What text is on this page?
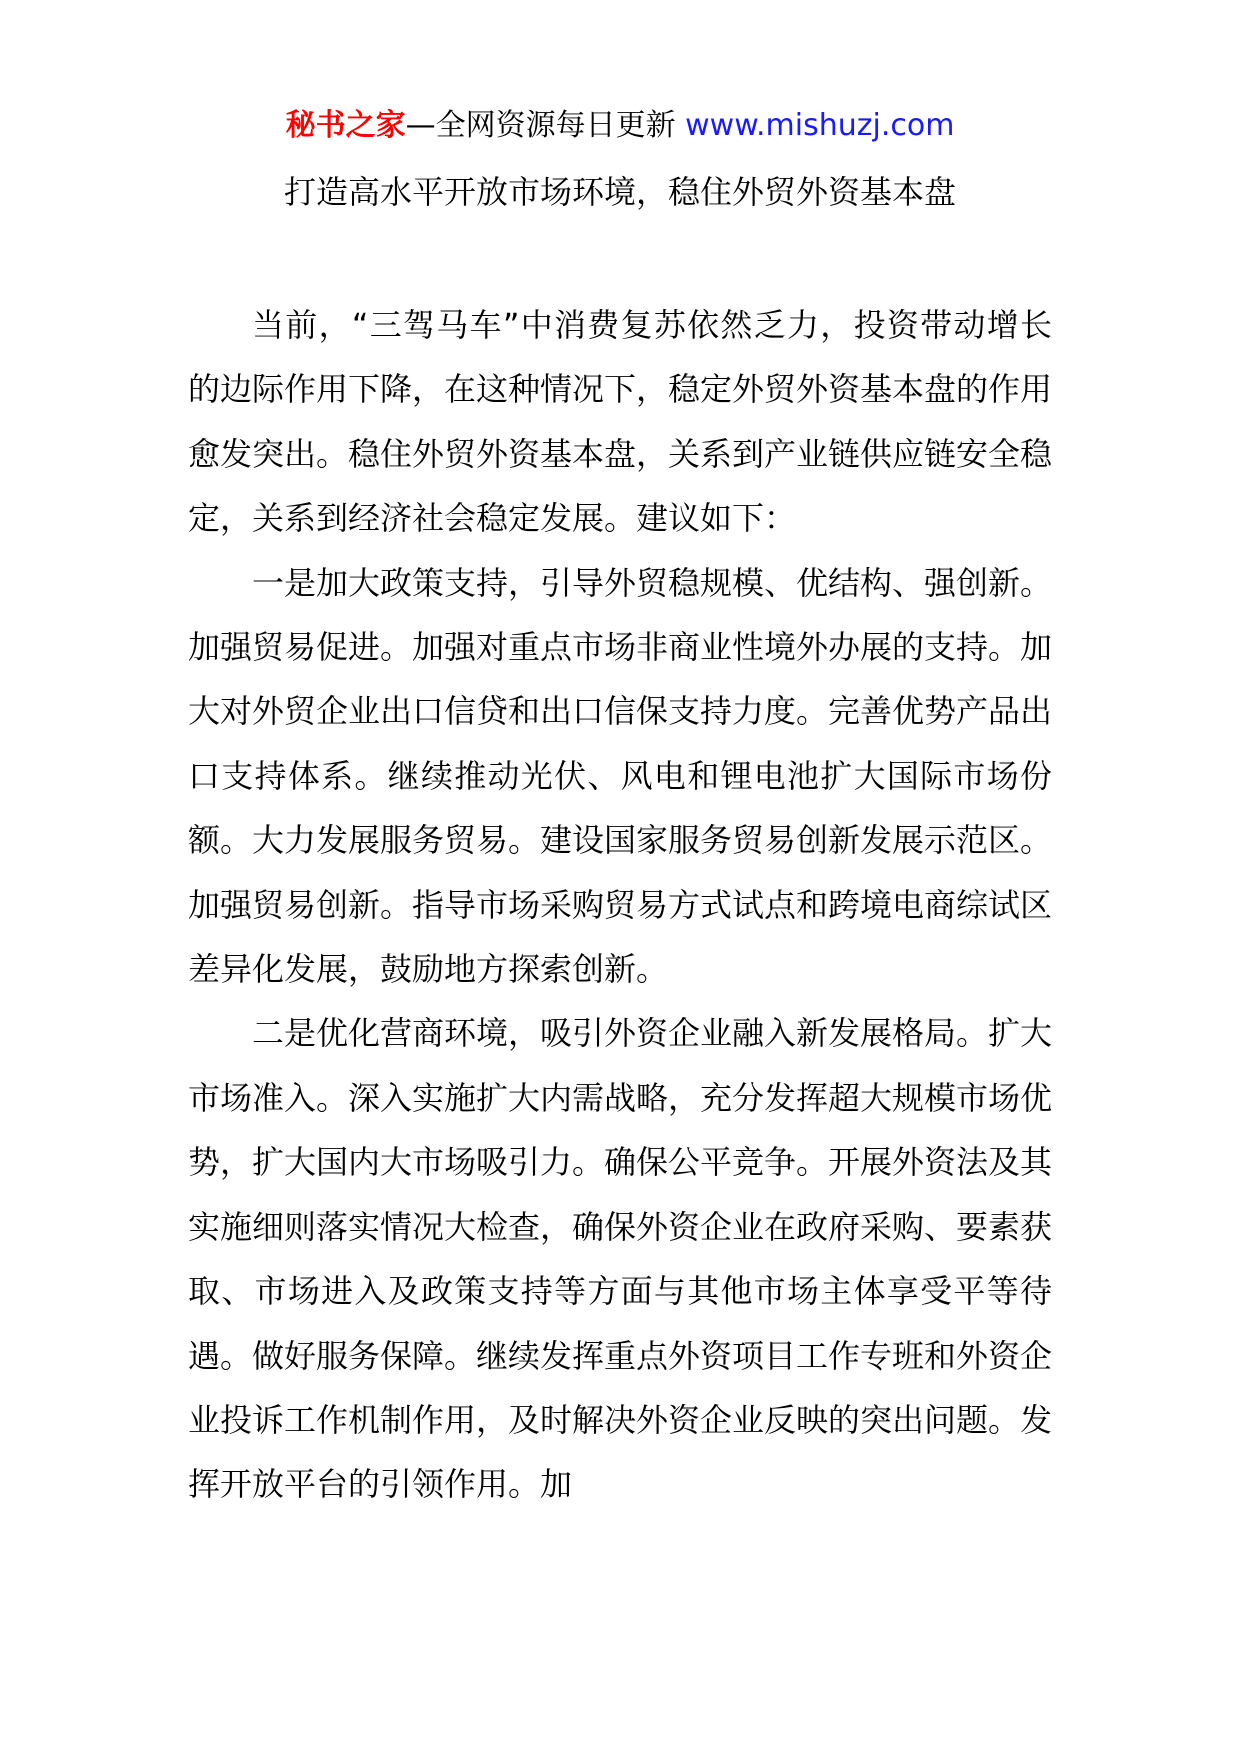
秘书之家—全网资源每日更新 www.mishuzj.com
打造高水平开放市场环境，稳住外贸外资基本盘

当前，“三驾马车”中消费复苏依然乏力，投资带动增长的边际作用下降，在这种情况下，稳定外贸外资基本盘的作用愈发突出。稳住外贸外资基本盘，关系到产业链供应链安全稳定，关系到经济社会稳定发展。建议如下：

一是加大政策支持，引导外贸稳规模、优结构、强创新。加强贸易促进。加强对重点市场非商业性境外办展的支持。加大对外贸企业出口信贷和出口信保支持力度。完善优势产品出口支持体系。继续推动光伏、风电和锂电池扩大国际市场份额。大力发展服务贸易。建设国家服务贸易创新发展示范区。加强贸易创新。指导市场采购贸易方式试点和跨境电商综试区差异化发展，鼓励地方探索创新。

二是优化营商环境，吸引外资企业融入新发展格局。扩大市场准入。深入实施扩大内需战略，充分发挥超大规模市场优势，扩大国内大市场吸引力。确保公平竞争。开展外资法及其实施细则落实情况大检查，确保外资企业在政府采购、要素获取、市场进入及政策支持等方面与其他市场主体享受平等待遇。做好服务保障。继续发挥重点外资项目工作专班和外资企业投诉工作机制作用，及时解决外资企业反映的突出问题。发挥开放平台的引领作用。加
